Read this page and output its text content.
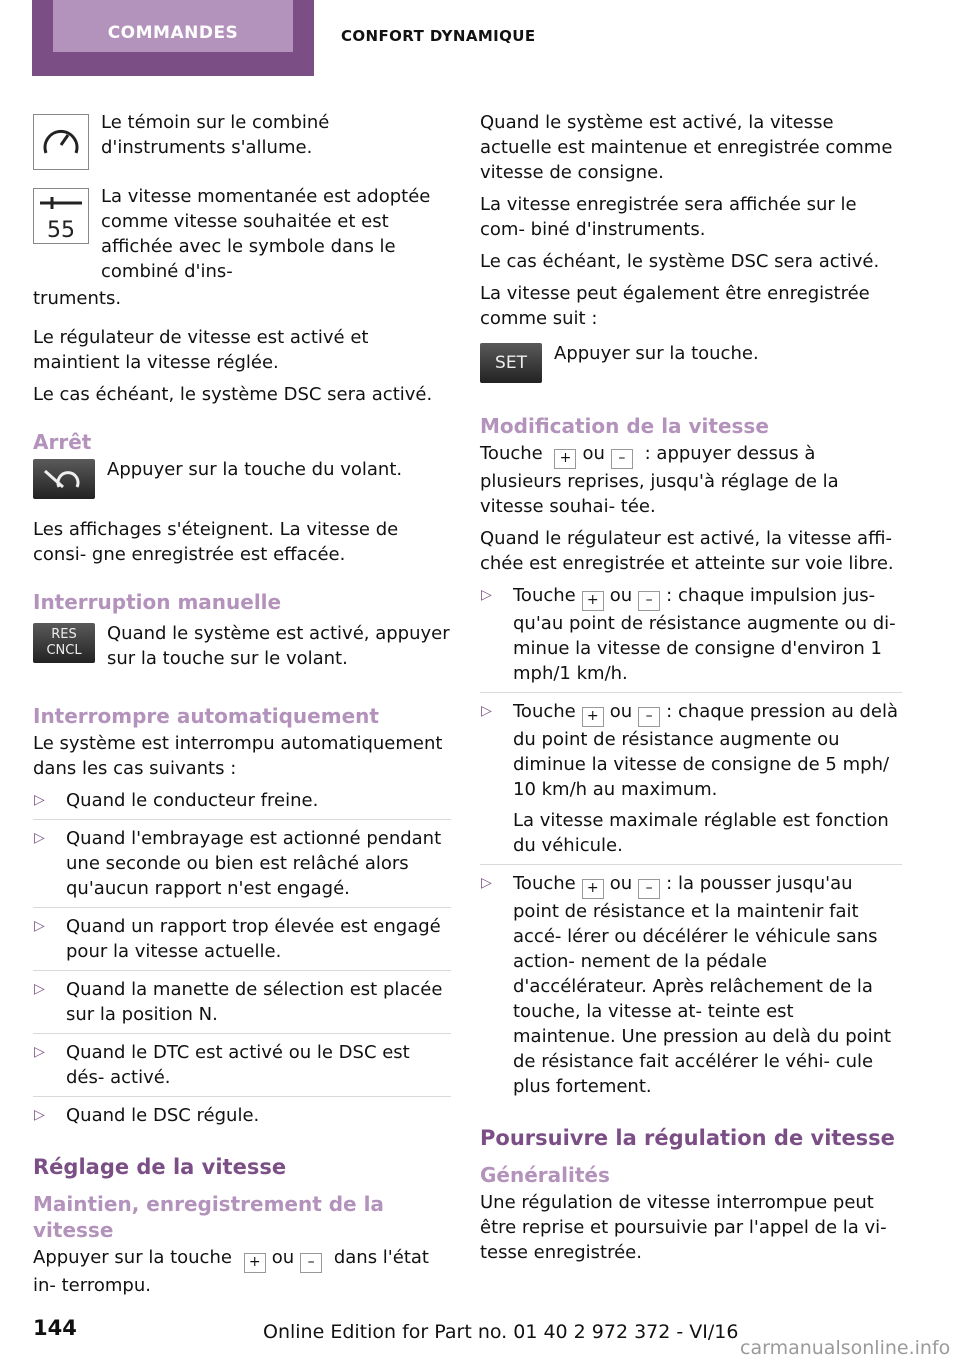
COMMANDES	CONFORT DYNAMIQUE
Le témoin sur le combiné d'instruments s'allume.
55
La vitesse momentanée est adoptée comme vitesse souhaitée et est affichée avec le symbole dans le combiné d'ins-

truments.

Le régulateur de vitesse est activé et maintient la vitesse réglée.

Le cas échéant, le système DSC sera activé.

Arrêt
Appuyer sur la touche du volant.

Les affichages s'éteignent. La vitesse de consi- gne enregistrée est effacée.

Interruption manuelle
RES
CNCL
Quand le système est activé, appuyer sur la touche sur le volant.
Interrompre automatiquement

Le système est interrompu automatiquement dans les cas suivants :

▷ Quand le conducteur freine.
▷ Quand l'embrayage est actionné pendant une seconde ou bien est relâché alors qu'aucun rapport n'est engagé.
▷ Quand un rapport trop élevée est engagé pour la vitesse actuelle.
▷ Quand la manette de sélection est placée sur la position N.
▷ Quand le DTC est activé ou le DSC est dés- activé.
▷ Quand le DSC régule.
Réglage de la vitesse
Maintien, enregistrement de la vitesse

Appuyer sur la touche + ou – dans l'état in- terrompu.

Quand le système est activé, la vitesse actuelle est maintenue et enregistrée comme vitesse de consigne.

La vitesse enregistrée sera affichée sur le com- biné d'instruments.

Le cas échéant, le système DSC sera activé.

La vitesse peut également être enregistrée comme suit :

SET	Appuyer sur la touche.
Modification de la vitesse

Touche + ou – : appuyer dessus à plusieurs reprises, jusqu'à réglage de la vitesse souhai- tée.

Quand le régulateur est activé, la vitesse affi- chée est enregistrée et atteinte sur voie libre.

▷ Touche + ou – : chaque impulsion jus- qu'au point de résistance augmente ou di- minue la vitesse de consigne d'environ 1 mph/1 km/h.
▷ Touche + ou – : chaque pression au delà du point de résistance augmente ou diminue la vitesse de consigne de 5 mph/ 10 km/h au maximum.
La vitesse maximale réglable est fonction du véhicule.
▷ Touche + ou – : la pousser jusqu'au point de résistance et la maintenir fait accé- lérer ou décélérer le véhicule sans action- nement de la pédale d'accélérateur. Après relâchement de la touche, la vitesse at- teinte est maintenue. Une pression au delà du point de résistance fait accélérer le véhi- cule plus fortement.
Poursuivre la régulation de vitesse
Généralités

Une régulation de vitesse interrompue peut être reprise et poursuivie par l'appel de la vi- tesse enregistrée.

144	Online Edition for Part no. 01 40 2 972 372 - VI/16
carmanualsonline.info
